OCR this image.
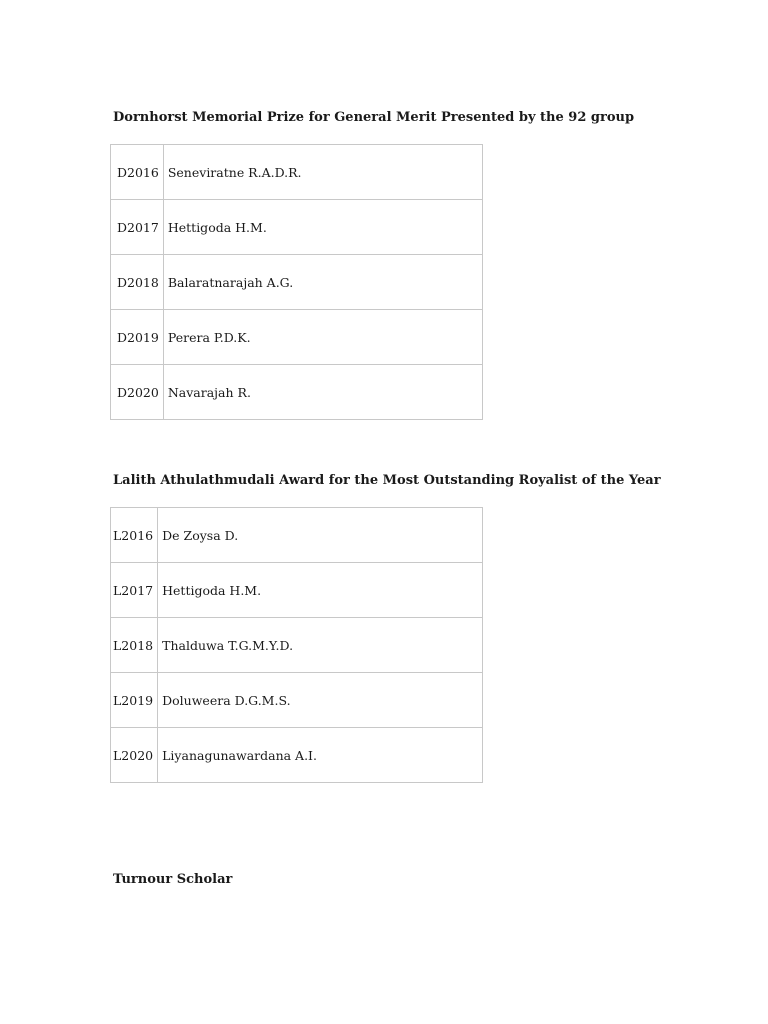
Dornhorst Memorial Prize for General Merit Presented by the 92 group
D2016	Seneviratne R.A.D.R.
D2017	Hettigoda H.M.
D2018	Balaratnarajah A.G.
D2019	Perera P.D.K.
D2020	Navarajah R.
Lalith Athulathmudali Award for the Most Outstanding Royalist of the Year
L2016	De Zoysa D.
L2017	Hettigoda H.M.
L2018	Thalduwa T.G.M.Y.D.
L2019	Doluweera D.G.M.S.
L2020	Liyanagunawardana A.I.
Turnour Scholar
